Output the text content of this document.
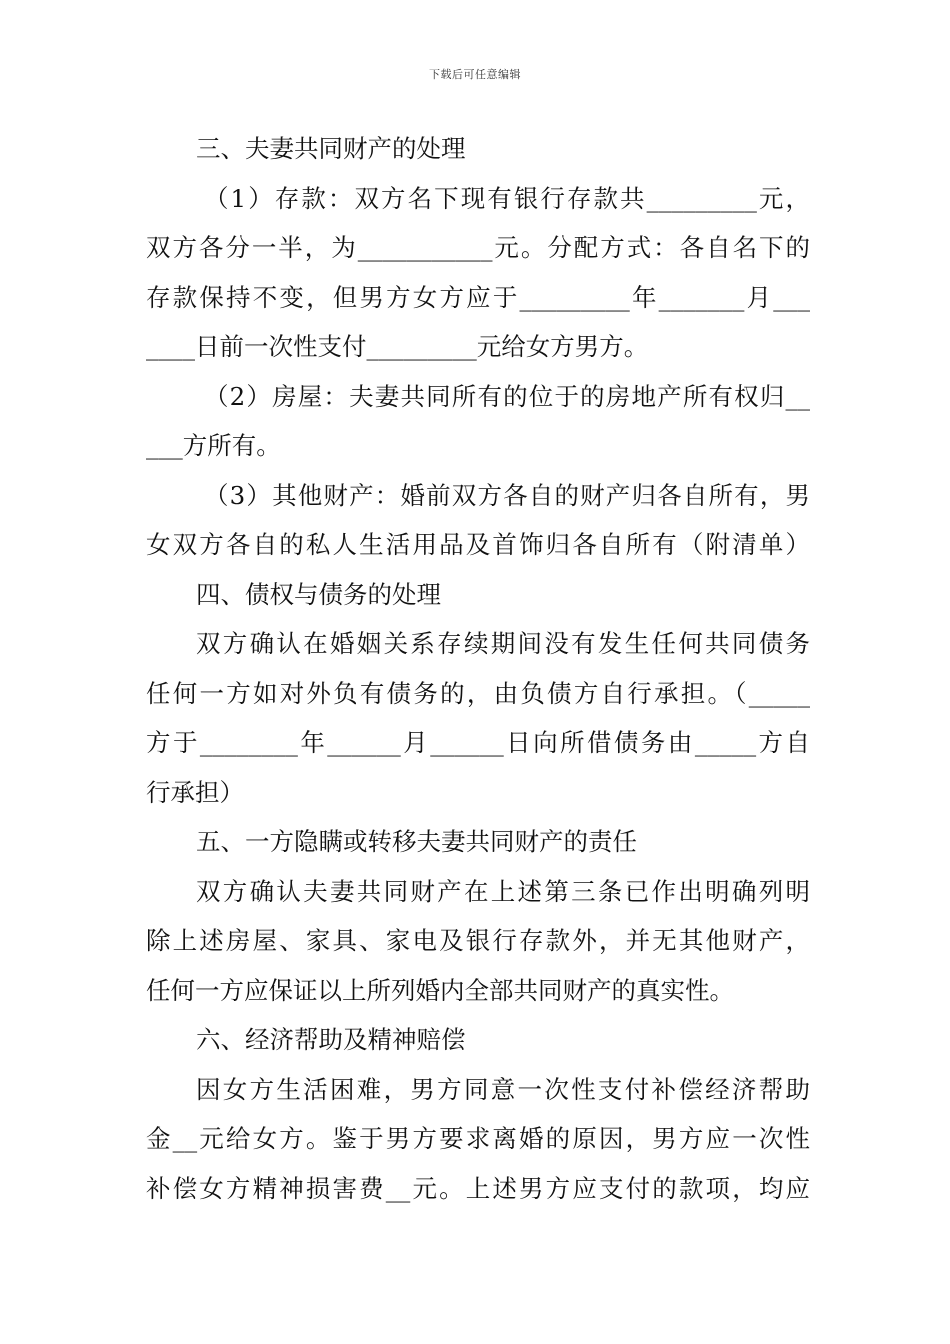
下载后可任意编辑
三、夫妻共同财产的处理
（1）存款：双方名下现有银行存款共_________元，
双方各分一半，为___________元。分配方式：各自名下的
存款保持不变，但男方女方应于_________年_______月___
____日前一次性支付_________元给女方男方。
（2）房屋：夫妻共同所有的位于的房地产所有权归__
___方所有。
（3）其他财产：婚前双方各自的财产归各自所有，男
女双方各自的私人生活用品及首饰归各自所有（附清单）
四、债权与债务的处理
双方确认在婚姻关系存续期间没有发生任何共同债务
任何一方如对外负有债务的，由负债方自行承担。（_____
方于________年______月______日向所借债务由_____方自
行承担）
五、一方隐瞒或转移夫妻共同财产的责任
双方确认夫妻共同财产在上述第三条已作出明确列明
除上述房屋、家具、家电及银行存款外，并无其他财产，
任何一方应保证以上所列婚内全部共同财产的真实性。
六、经济帮助及精神赔偿
因女方生活困难，男方同意一次性支付补偿经济帮助
金__元给女方。鉴于男方要求离婚的原因，男方应一次性
补偿女方精神损害费__元。上述男方应支付的款项，均应
